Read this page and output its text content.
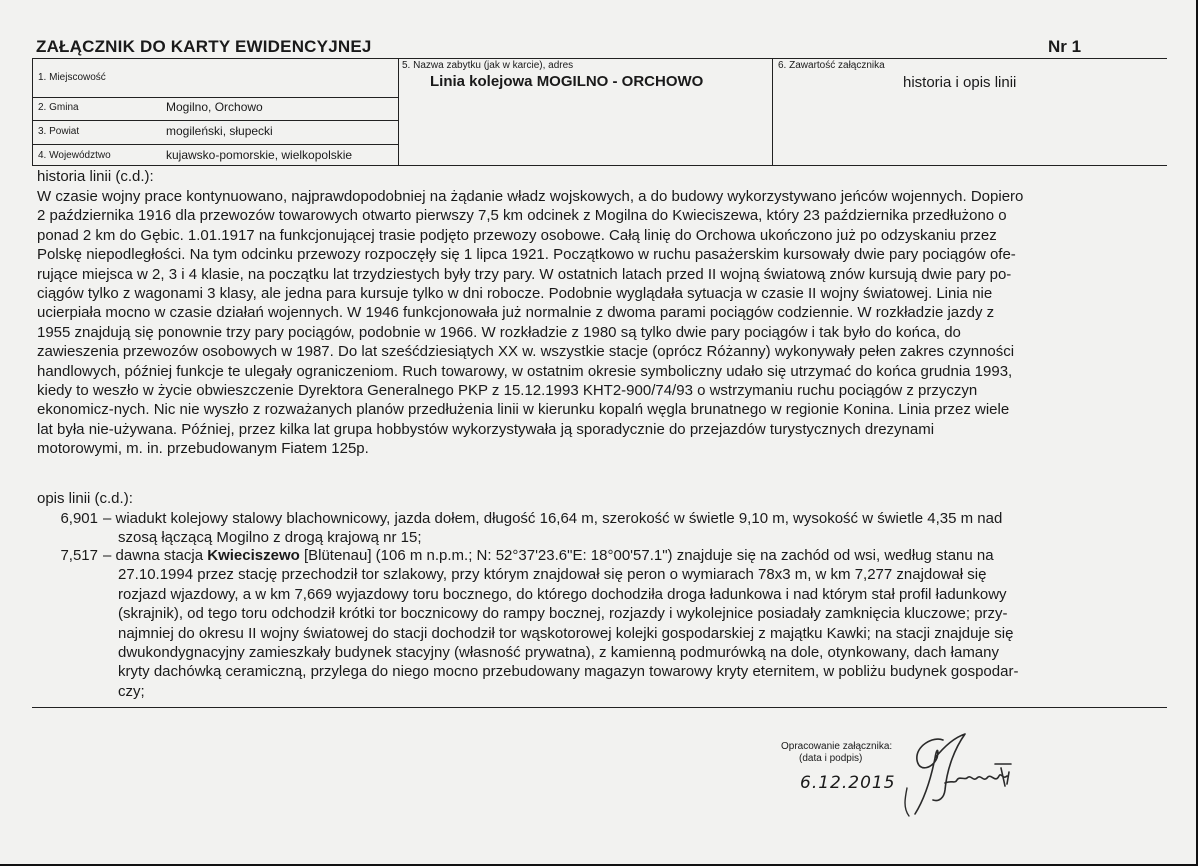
ZAŁĄCZNIK DO KARTY EWIDENCYJNEJ	Nr 1
1. Miejscowość
2. Gmina	Mogilno, Orchowo
3. Powiat	mogileński, słupecki
4. Województwo	kujawsko-pomorskie, wielkopolskie
5. Nazwa zabytku (jak w karcie), adres
Linia kolejowa MOGILNO - ORCHOWO
6. Zawartość załącznika
historia i opis linii
historia linii (c.d.):
W czasie wojny prace kontynuowano, najprawdopodobniej na żądanie władz wojskowych, a do budowy wykorzystywano jeńców wojennych. Dopiero
2 października 1916 dla przewozów towarowych otwarto pierwszy 7,5 km odcinek z Mogilna do Kwieciszewa, który 23 października przedłużono o
ponad 2 km do Gębic. 1.01.1917 na funkcjonującej trasie podjęto przewozy osobowe. Całą linię do Orchowa ukończono już po odzyskaniu przez
Polskę niepodległości. Na tym odcinku przewozy rozpoczęły się 1 lipca 1921. Początkowo w ruchu pasażerskim kursowały dwie pary pociągów ofe-
rujące miejsca w 2, 3 i 4 klasie, na początku lat trzydziestych były trzy pary. W ostatnich latach przed II wojną światową znów kursują dwie pary po-
ciągów tylko z wagonami 3 klasy, ale jedna para kursuje tylko w dni robocze. Podobnie wyglądała sytuacja w czasie II wojny światowej. Linia nie
ucierpiała mocno w czasie działań wojennych. W 1946 funkcjonowała już normalnie z dwoma parami pociągów codziennie. W rozkładzie jazdy z
1955 znajdują się ponownie trzy pary pociągów, podobnie w 1966. W rozkładzie z 1980 są tylko dwie pary pociągów i tak było do końca, do
zawieszenia przewozów osobowych w 1987. Do lat sześćdziesiątych XX w. wszystkie stacje (oprócz Różanny) wykonywały pełen zakres czynności
handlowych, później funkcje te ulegały ograniczeniom. Ruch towarowy, w ostatnim okresie symboliczny udało się utrzymać do końca grudnia 1993,
kiedy to weszło w życie obwieszczenie Dyrektora Generalnego PKP z 15.12.1993 KHT2-900/74/93 o wstrzymaniu ruchu pociągów z przyczyn
ekonomicz-nych. Nic nie wyszło z rozważanych planów przedłużenia linii w kierunku kopalń węgla brunatnego w regionie Konina. Linia przez wiele
lat była nie-używana. Później, przez kilka lat grupa hobbystów wykorzystywała ją sporadycznie do przejazdów turystycznych drezynami
motorowymi, m. in. przebudowanym Fiatem 125p.
opis linii (c.d.):
6,901 – wiadukt kolejowy stalowy blachownicowy, jazda dołem, długość 16,64 m, szerokość w świetle 9,10 m, wysokość w świetle 4,35 m nad
szosą łączącą Mogilno z drogą krajową nr 15;
7,517 – dawna stacja Kwieciszewo [Blütenau] (106 m n.p.m.; N: 52°37'23.6"E: 18°00'57.1") znajduje się na zachód od wsi, według stanu na
27.10.1994 przez stację przechodził tor szlakowy, przy którym znajdował się peron o wymiarach 78x3 m, w km 7,277 znajdował się
rozjazd wjazdowy, a w km 7,669 wyjazdowy toru bocznego, do którego dochodziła droga ładunkowa i nad którym stał profil ładunkowy
(skrajnik), od tego toru odchodził krótki tor bocznicowy do rampy bocznej, rozjazdy i wykolejnice posiadały zamknięcia kluczowe; przy-
najmniej do okresu II wojny światowej do stacji dochodził tor wąskotorowej kolejki gospodarskiej z majątku Kawki; na stacji znajduje się
dwukondygnacyjny zamieszkały budynek stacyjny (własność prywatna), z kamienną podmurówką na dole, otynkowany, dach łamany
kryty dachówką ceramiczną, przylega do niego mocno przebudowany magazyn towarowy kryty eternitem, w pobliżu budynek gospodar-
czy;
Opracowanie załącznika:
(data i podpis)
6.12.2015
